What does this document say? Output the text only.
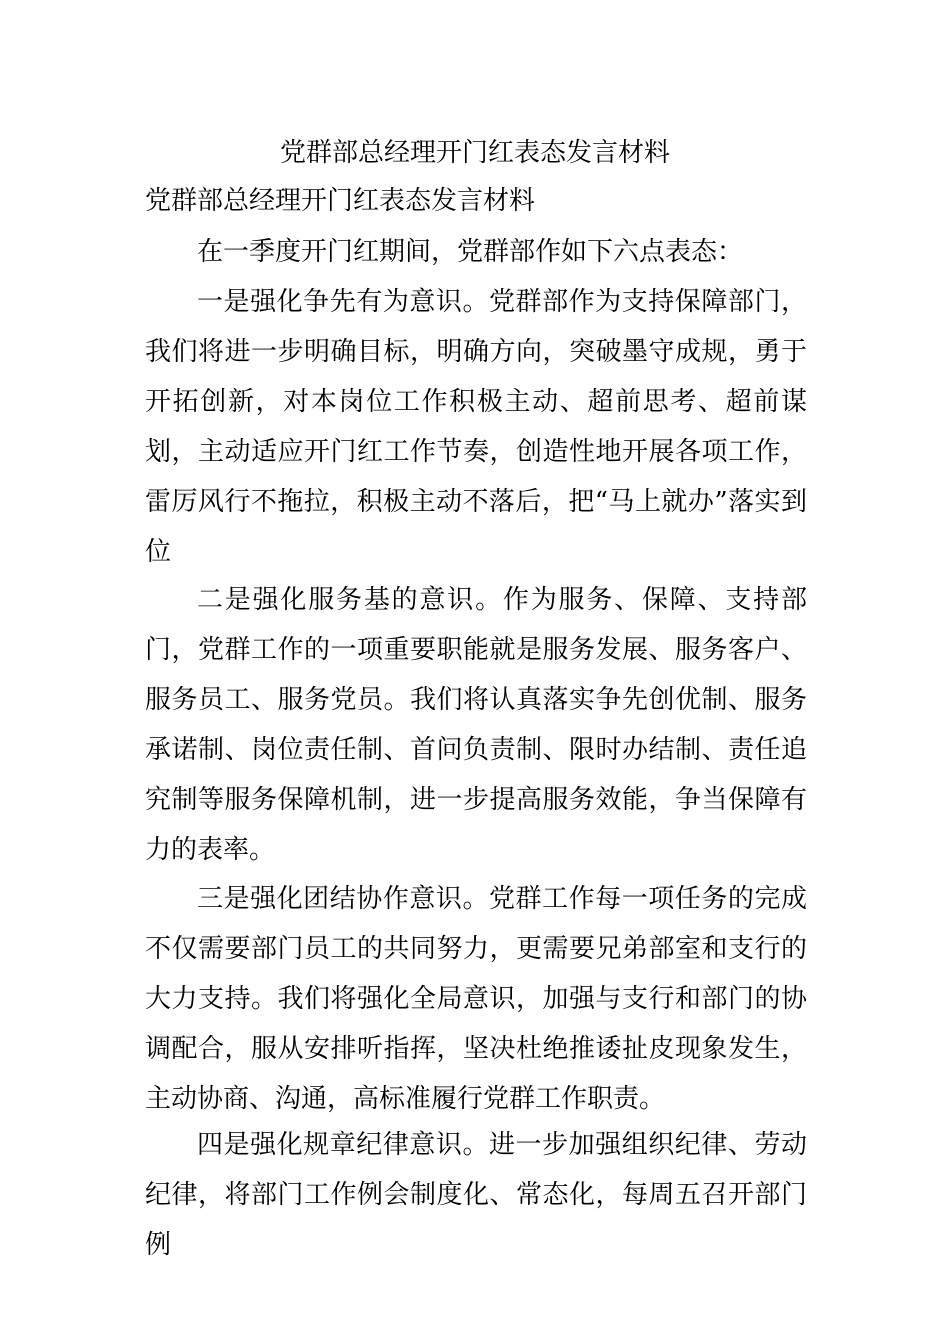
党群部总经理开门红表态发言材料

党群部总经理开门红表态发言材料

在一季度开门红期间，党群部作如下六点表态：

一是强化争先有为意识。党群部作为支持保障部门，我们将进一步明确目标，明确方向，突破墨守成规，勇于开拓创新，对本岗位工作积极主动、超前思考、超前谋划，主动适应开门红工作节奏，创造性地开展各项工作，雷厉风行不拖拉，积极主动不落后，把“马上就办”落实到位

二是强化服务基的意识。作为服务、保障、支持部门，党群工作的一项重要职能就是服务发展、服务客户、服务员工、服务党员。我们将认真落实争先创优制、服务承诺制、岗位责任制、首问负责制、限时办结制、责任追究制等服务保障机制，进一步提高服务效能，争当保障有力的表率。

三是强化团结协作意识。党群工作每一项任务的完成不仅需要部门员工的共同努力，更需要兄弟部室和支行的大力支持。我们将强化全局意识，加强与支行和部门的协调配合，服从安排听指挥，坚决杜绝推诿扯皮现象发生，主动协商、沟通，高标准履行党群工作职责。

四是强化规章纪律意识。进一步加强组织纪律、劳动纪律，将部门工作例会制度化、常态化，每周五召开部门例
